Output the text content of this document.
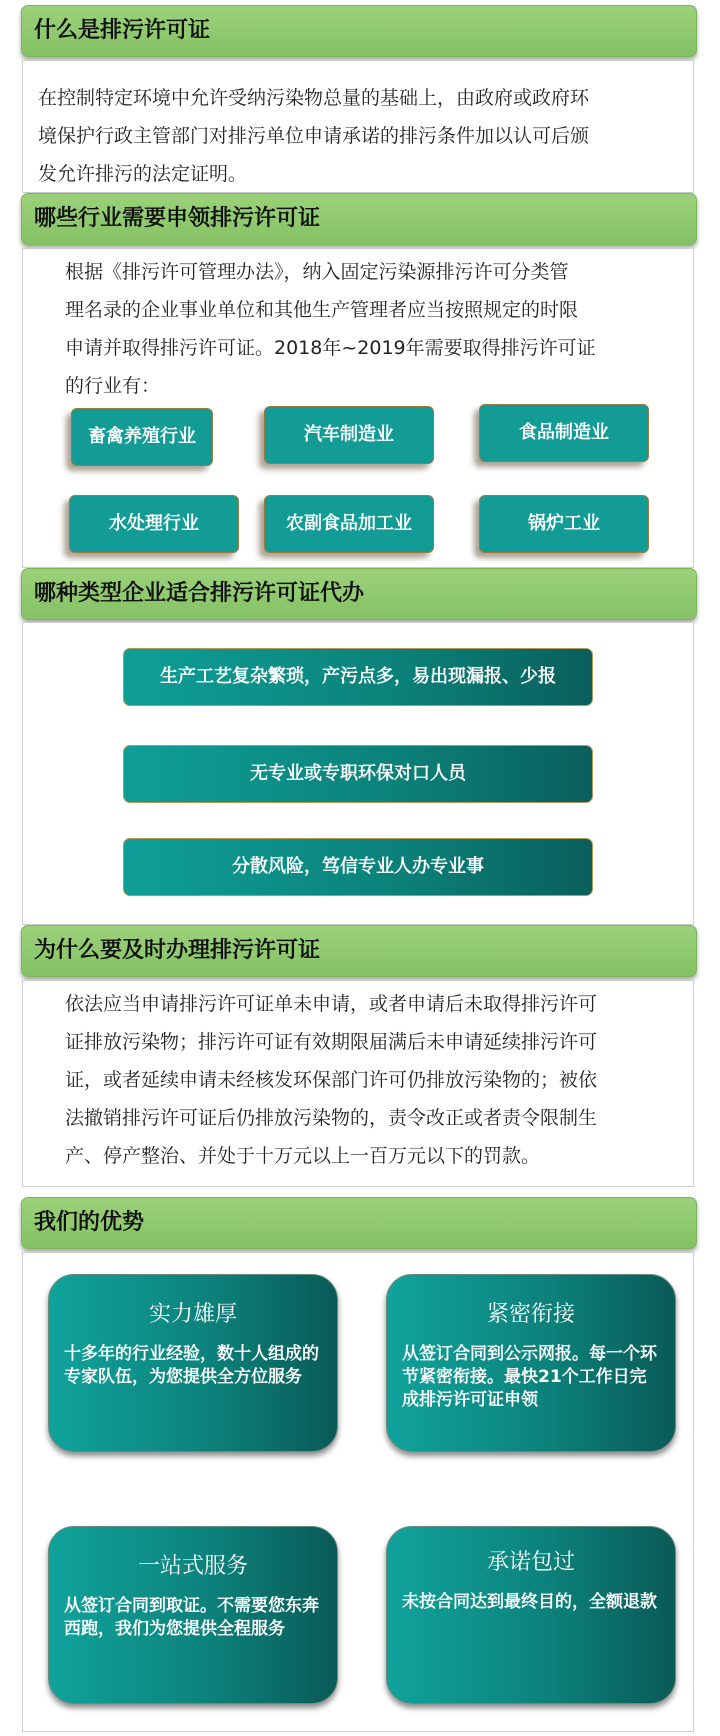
什么是排污许可证

在控制特定环境中允许受纳污染物总量的基础上，由政府或政府环
境保护行政主管部门对排污单位申请承诺的排污条件加以认可后颁
发允许排污的法定证明。

哪些行业需要申领排污许可证

根据《排污许可管理办法》，纳入固定污染源排污许可分类管
理名录的企业事业单位和其他生产管理者应当按照规定的时限
申请并取得排污许可证。2018年~2019年需要取得排污许可证
的行业有：

畜禽养殖行业	汽车制造业	食品制造业
水处理行业	农副食品加工业	锅炉工业
哪种类型企业适合排污许可证代办
生产工艺复杂繁琐，产污点多，易出现漏报、少报
无专业或专职环保对口人员
分散风险，笃信专业人办专业事
为什么要及时办理排污许可证

依法应当申请排污许可证单未申请，或者申请后未取得排污许可
证排放污染物；排污许可证有效期限届满后未申请延续排污许可
证，或者延续申请未经核发环保部门许可仍排放污染物的；被依
法撤销排污许可证后仍排放污染物的，责令改正或者责令限制生
产、停产整治、并处于十万元以上一百万元以下的罚款。

我们的优势
实力雄厚
十多年的行业经验，数十人组成的专家队伍，为您提供全方位服务
紧密衔接
从签订合同到公示网报。每一个环节紧密衔接。最快21个工作日完成排污许可证申领
一站式服务
从签订合同到取证。不需要您东奔西跑，我们为您提供全程服务
承诺包过
未按合同达到最终目的，全额退款
